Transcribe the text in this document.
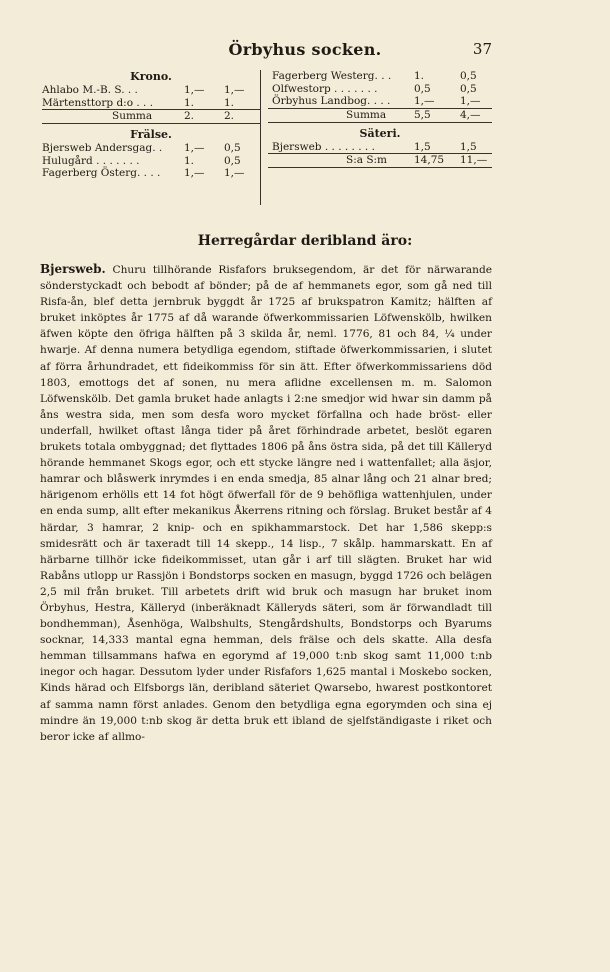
Örbyhus socken.	37
Krono.
Ahlabo M.-B. S. . .	1,— 1,—
Märtensttorp d:o . . .	1.	1.
Summa	2.	2.
Frälse.
Bjersweb Andersgag. . 1,— 0,5
Hulugård . . . . . . .	1.	0,5
Fagerberg Österg. . . . 1,— 1,—
Fagerberg Westerg. . . 1.	0,5
Olfwestorp . . . . . . .	0,5	0,5
Örbyhus Landbog. . . . 1,— 1,—
Summa	5,5	4,—
Säteri.
Bjersweb . . . . . . . .	1,5	1,5
S:a S:m	14,75 11,—
Herregårdar deribland äro:
Bjersweb. Churu tillhörande Risfafors bruksegendom, är det för närwarande sönderstyckadt och bebodt af bönder; på de af hemmanets egor, som gå ned till Risfa-ån, blef detta jernbruk byggdt år 1725 af brukspatron Kamitz; hälften af bruket inköptes år 1775 af då warande öfwerkommissarien Löfwenskölb, hwilken äfwen köpte den öfriga hälften på 3 skilda år, neml. 1776, 81 och 84, ¼ under hwarje. Af denna numera betydliga egendom, stiftade öfwerkommissarien, i slutet af förra århundradet, ett fideikommiss för sin ätt. Efter öfwerkommissariens död 1803, emottogs det af sonen, nu mera aflidne excellensen m. m. Salomon Löfwenskölb. Det gamla bruket hade anlagts i 2:ne smedjor wid hwar sin damm på åns westra sida, men som desfa woro mycket förfallna och hade bröst- eller underfall, hwilket oftast långa tider på året förhindrade arbetet, beslöt egaren brukets totala ombyggnad; det flyttades 1806 på åns östra sida, på det till Källeryd hörande hemmanet Skogs egor, och ett stycke längre ned i wattenfallet; alla äsjor, hamrar och blåswerk inrymdes i en enda smedja, 85 alnar lång och 21 alnar bred; härigenom erhölls ett 14 fot högt öfwerfall för de 9 behöfliga wattenhjulen, under en enda sump, allt efter mekanikus Åkerrens ritning och förslag. Bruket består af 4 härdar, 3 hamrar, 2 knip- och en spikhammarstock. Det har 1,586 skepp:s smidesrätt och är taxeradt till 14 skepp., 14 lisp., 7 skålp. hammarskatt. En af härbarne tillhör icke fideikommisset, utan går i arf till slägten. Bruket har wid Rabåns utlopp ur Rassjön i Bondstorps socken en masugn, byggd 1726 och belägen 2,5 mil från bruket. Till arbetets drift wid bruk och masugn har bruket inom Örbyhus, Hestra, Källeryd (inberäknadt Källeryds säteri, som är förwandladt till bondhemman), Åsenhöga, Walbshults, Stengårdshults, Bondstorps och Byarums socknar, 14,333 mantal egna hemman, dels frälse och dels skatte. Alla desfa hemman tillsammans hafwa en egorymd af 19,000 t:nb skog samt 11,000 t:nb inegor och hagar. Dessutom lyder under Risfafors 1,625 mantal i Moskebo socken, Kinds härad och Elfsborgs län, deribland säteriet Qwarsebo, hwarest postkontoret af samma namn först anlades. Genom den betydliga egna egorymden och sina ej mindre än 19,000 t:nb skog är detta bruk ett ibland de sjelfständigaste i riket och beror icke af allmo-
